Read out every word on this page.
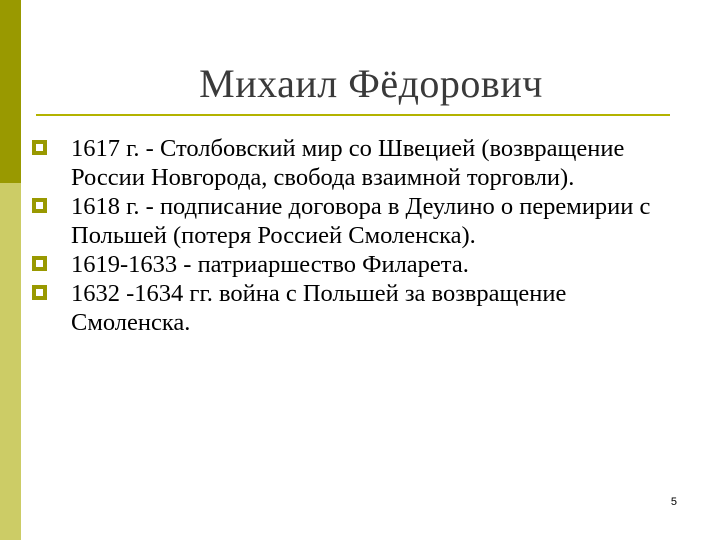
Михаил Фёдорович
1617 г. - Столбовский мир со Швецией (возвращение России Новгорода, свобода взаимной торговли).
1618 г. - подписание договора в Деулино о перемирии с Польшей (потеря Россией Смоленска).
1619-1633 - патриаршество Филарета.
1632 -1634 гг. война с Польшей за возвращение Смоленска.
5
